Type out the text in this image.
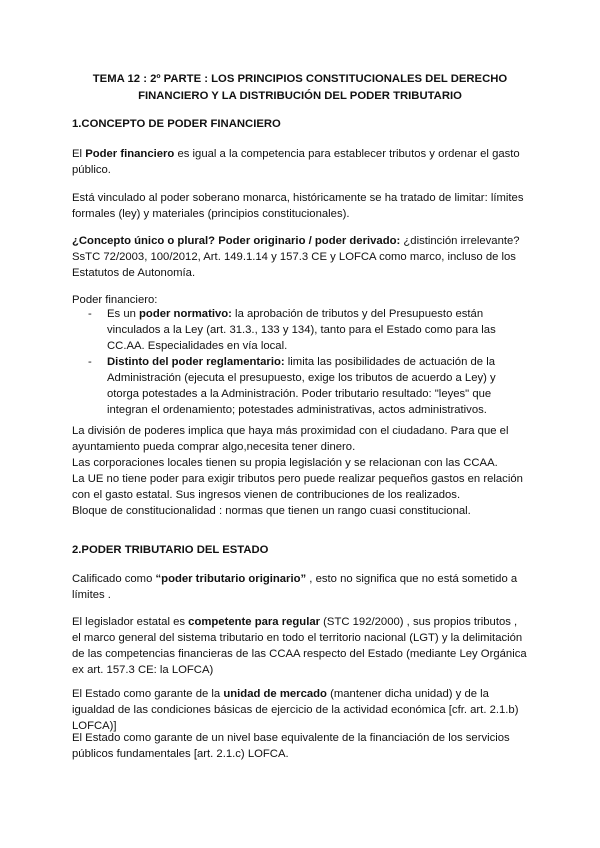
TEMA 12 : 2º PARTE : LOS PRINCIPIOS CONSTITUCIONALES DEL DERECHO FINANCIERO Y LA DISTRIBUCIÓN DEL PODER TRIBUTARIO
1.CONCEPTO DE PODER FINANCIERO
El Poder financiero es igual a la competencia para establecer tributos y ordenar el gasto público.
Está vinculado al poder soberano monarca, históricamente se ha tratado de limitar: límites formales (ley) y materiales (principios constitucionales).
¿Concepto único o plural? Poder originario / poder derivado: ¿distinción irrelevante? SsTC 72/2003, 100/2012, Art. 149.1.14 y 157.3 CE y LOFCA como marco, incluso de los Estatutos de Autonomía.
Poder financiero:
- Es un poder normativo: la aprobación de tributos y del Presupuesto están vinculados a la Ley (art. 31.3., 133 y 134), tanto para el Estado como para las CC.AA. Especialidades en vía local.
- Distinto del poder reglamentario: limita las posibilidades de actuación de la Administración (ejecuta el presupuesto, exige los tributos de acuerdo a Ley) y otorga potestades a la Administración. Poder tributario resultado: "leyes" que integran el ordenamiento; potestades administrativas, actos administrativos.
La división de poderes implica que haya más proximidad con el ciudadano. Para que el ayuntamiento pueda comprar algo,necesita tener dinero.
Las corporaciones locales tienen su propia legislación y se relacionan con las CCAA.
La UE no tiene poder para exigir tributos pero puede realizar pequeños gastos en relación con el gasto estatal. Sus ingresos vienen de contribuciones de los realizados.
Bloque de constitucionalidad : normas que tienen un rango cuasi constitucional.
2.PODER TRIBUTARIO DEL ESTADO
Calificado como “poder tributario originario” , esto no significa que no está sometido a límites .
El legislador estatal es competente para regular (STC 192/2000) , sus propios tributos , el marco general del sistema tributario en todo el territorio nacional (LGT) y la delimitación de las competencias financieras de las CCAA respecto del Estado (mediante Ley Orgánica ex art. 157.3 CE: la LOFCA)
El Estado como garante de la unidad de mercado (mantener dicha unidad) y de la igualdad de las condiciones básicas de ejercicio de la actividad económica [cfr. art. 2.1.b) LOFCA)]
El Estado como garante de un nivel base equivalente de la financiación de los servicios públicos fundamentales [art. 2.1.c) LOFCA.
